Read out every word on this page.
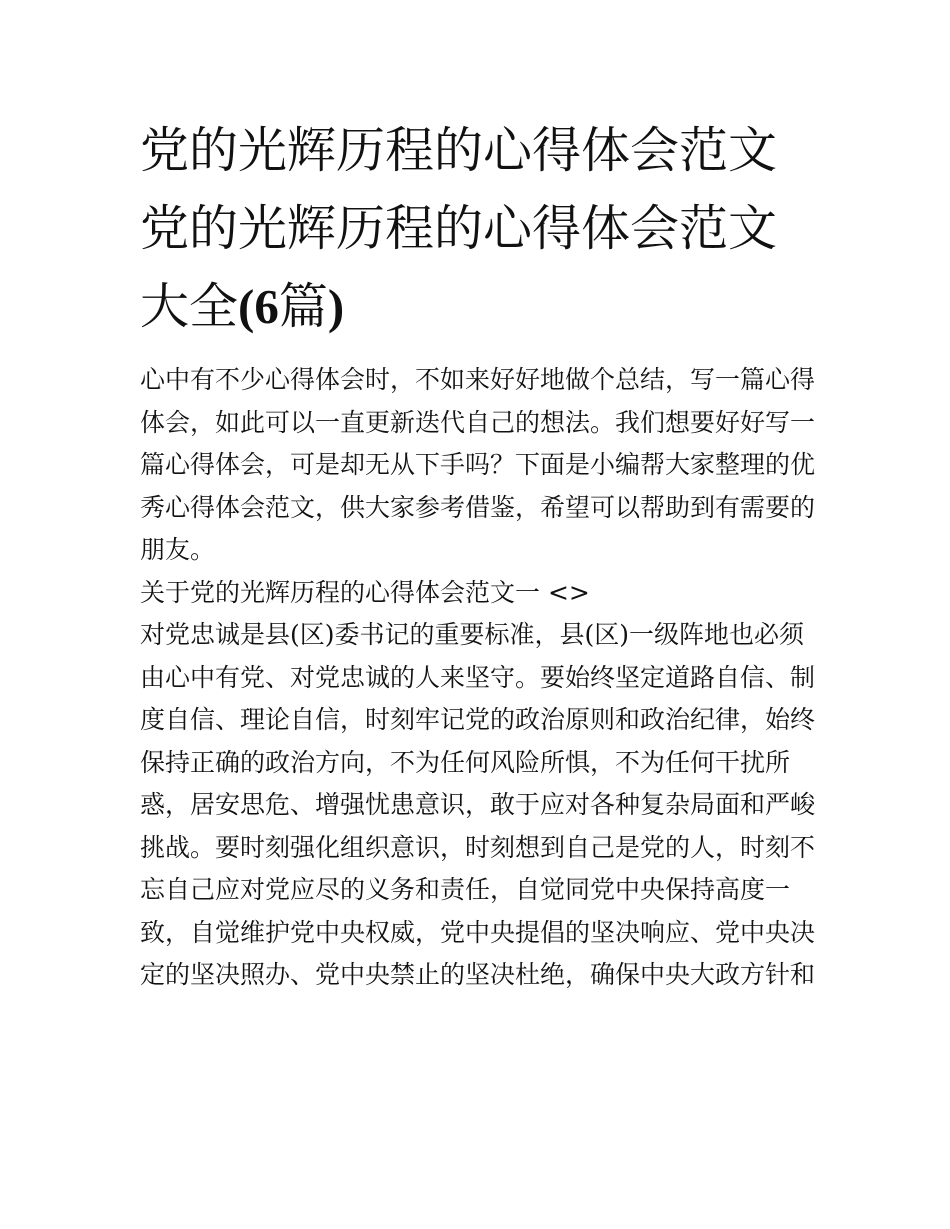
党的光辉历程的心得体会范文
党的光辉历程的心得体会范文
大全(6篇)
心中有不少心得体会时，不如来好好地做个总结，写一篇心得
体会，如此可以一直更新迭代自己的想法。我们想要好好写一
篇心得体会，可是却无从下手吗？下面是小编帮大家整理的优
秀心得体会范文，供大家参考借鉴，希望可以帮助到有需要的
朋友。
关于党的光辉历程的心得体会范文一 <>
对党忠诚是县(区)委书记的重要标准，县(区)一级阵地也必须
由心中有党、对党忠诚的人来坚守。要始终坚定道路自信、制
度自信、理论自信，时刻牢记党的政治原则和政治纪律，始终
保持正确的政治方向，不为任何风险所惧，不为任何干扰所
惑，居安思危、增强忧患意识，敢于应对各种复杂局面和严峻
挑战。要时刻强化组织意识，时刻想到自己是党的人，时刻不
忘自己应对党应尽的义务和责任，自觉同党中央保持高度一
致，自觉维护党中央权威，党中央提倡的坚决响应、党中央决
定的坚决照办、党中央禁止的坚决杜绝，确保中央大政方针和
